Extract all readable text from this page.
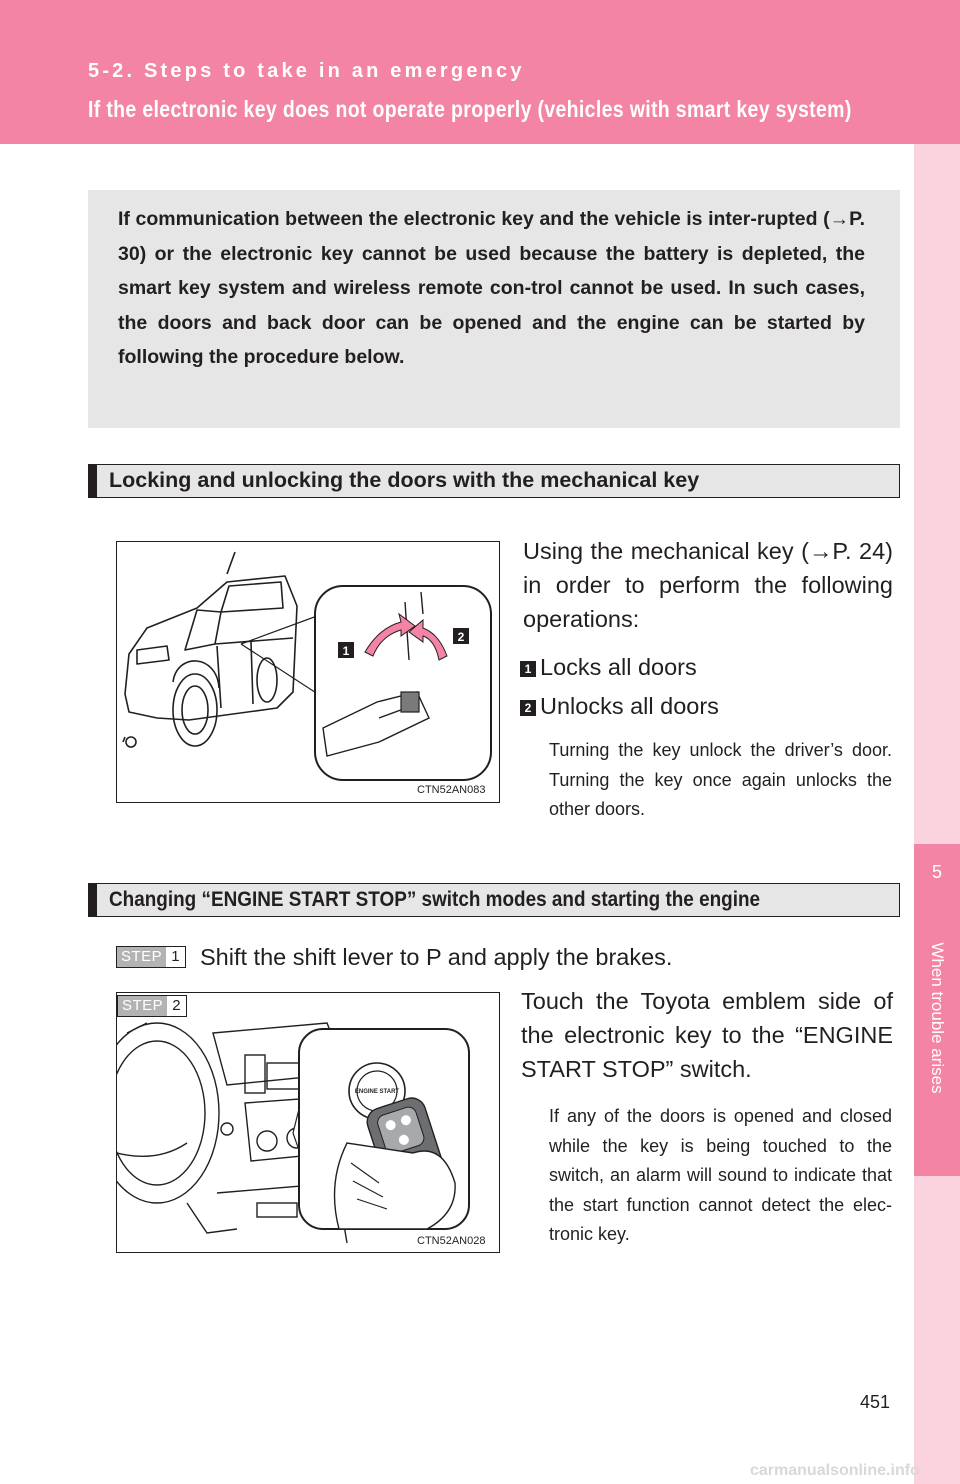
5-2. Steps to take in an emergency
If the electronic key does not operate properly (vehicles with smart key system)
5
When trouble arises
If communication between the electronic key and the vehicle is inter-rupted (→P. 30) or the electronic key cannot be used because the battery is depleted, the smart key system and wireless remote con-trol cannot be used. In such cases, the doors and back door can be opened and the engine can be started by following the procedure below.
Locking and unlocking the doors with the mechanical key
1
2
CTN52AN083
Using the mechanical key (→P. 24) in order to perform the following operations:
1 Locks all doors
2 Unlocks all doors
Turning the key unlock the driver’s door. Turning the key once again unlocks the other doors.
Changing “ENGINE START STOP” switch modes and starting the engine
STEP 1 Shift the shift lever to P and apply the brakes.
ENGINE START
CTN52AN028
STEP 2	Touch the Toyota emblem side of the electronic key to the “ENGINE START STOP” switch.
If any of the doors is opened and closed while the key is being touched to the switch, an alarm will sound to indicate that the start function cannot detect the elec-tronic key.
451
carmanualsonline.info
